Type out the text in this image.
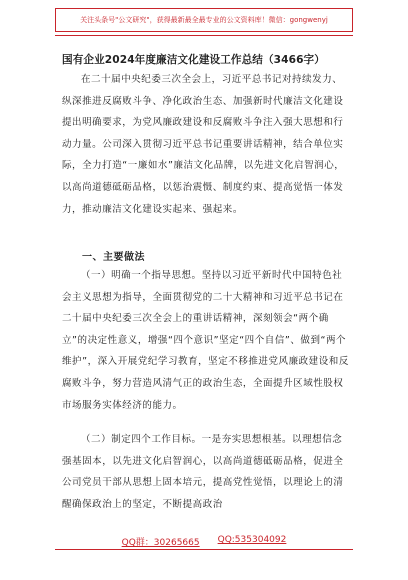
关注头条号"公文研究"，获得最新最全最专业的公文资料库！微信：gongwenyj
国有企业2024年度廉洁文化建设工作总结（3466字）

在二十届中央纪委三次全会上，习近平总书记对持续发力、纵深推进反腐败斗争、净化政治生态、加强新时代廉洁文化建设提出明确要求，为党风廉政建设和反腐败斗争注入强大思想和行动力量。公司深入贯彻习近平总书记重要讲话精神，结合单位实际，全力打造“一廉如水”廉洁文化品牌，以先进文化启智润心，以高尚道德砥砺品格，以惩治震慑、制度约束、提高觉悟一体发力，推动廉洁文化建设实起来、强起来。

一、主要做法

（一）明确一个指导思想。坚持以习近平新时代中国特色社会主义思想为指导，全面贯彻党的二十大精神和习近平总书记在二十届中央纪委三次全会上的重讲话精神，深刻领会“两个确立”的决定性意义，增强“四个意识”坚定“四个自信”、做到“两个维护”，深入开展党纪学习教育，坚定不移推进党风廉政建设和反腐败斗争，努力营造风清气正的政治生态，全面提升区域性股权市场服务实体经济的能力。

（二）制定四个工作目标。一是夯实思想根基。以理想信念强基固本，以先进文化启智润心，以高尚道德砥砺品格，促进全公司党员干部从思想上固本培元，提高党性觉悟，以理论上的清醒确保政治上的坚定，不断提高政治

QQ群：30265665 QQ:535304092
